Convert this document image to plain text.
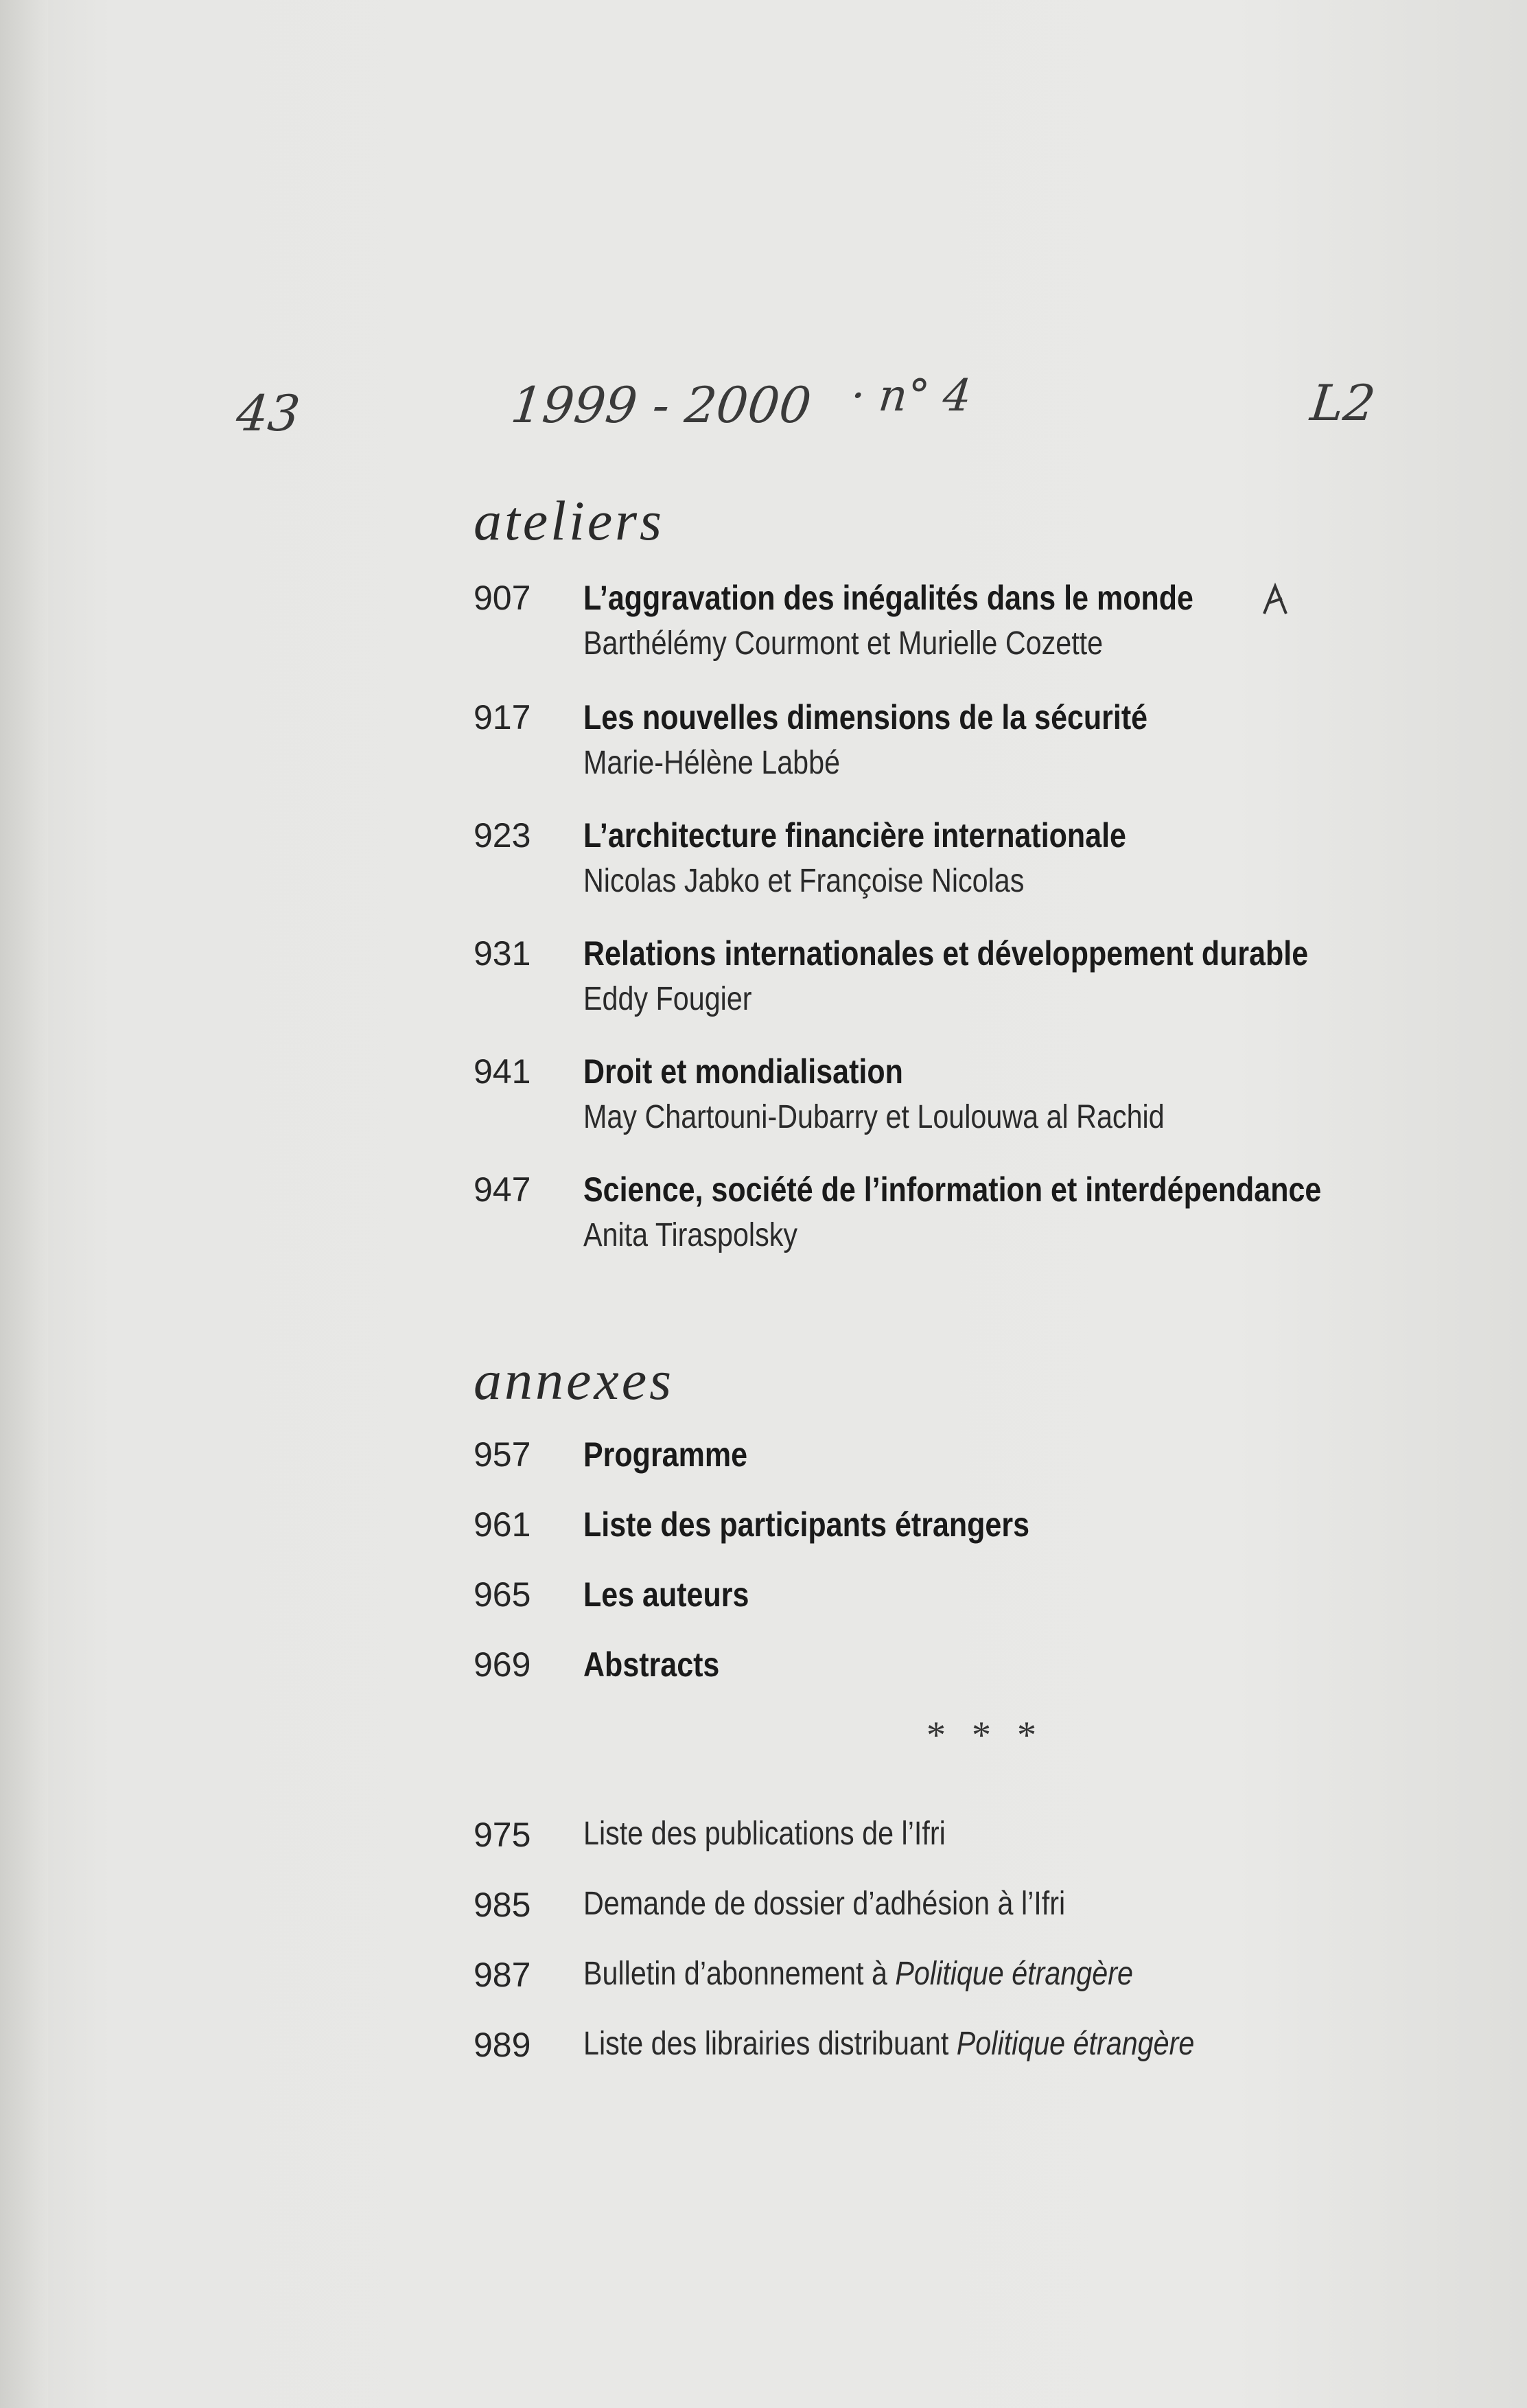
43	1999 - 2000 · n° 4	L2
ateliers
907	L’aggravation des inégalités dans le monde
Barthélémy Courmont et Murielle Cozette
917	Les nouvelles dimensions de la sécurité
Marie-Hélène Labbé
923	L’architecture financière internationale
Nicolas Jabko et Françoise Nicolas
931	Relations internationales et développement durable
Eddy Fougier
941	Droit et mondialisation
May Chartouni-Dubarry et Loulouwa al Rachid
947	Science, société de l’information et interdépendance
Anita Tiraspolsky
annexes
957	Programme
961	Liste des participants étrangers
965	Les auteurs
969	Abstracts
* * *
975	Liste des publications de l’Ifri
985	Demande de dossier d’adhésion à l’Ifri
987	Bulletin d’abonnement à Politique étrangère
989	Liste des librairies distribuant Politique étrangère
